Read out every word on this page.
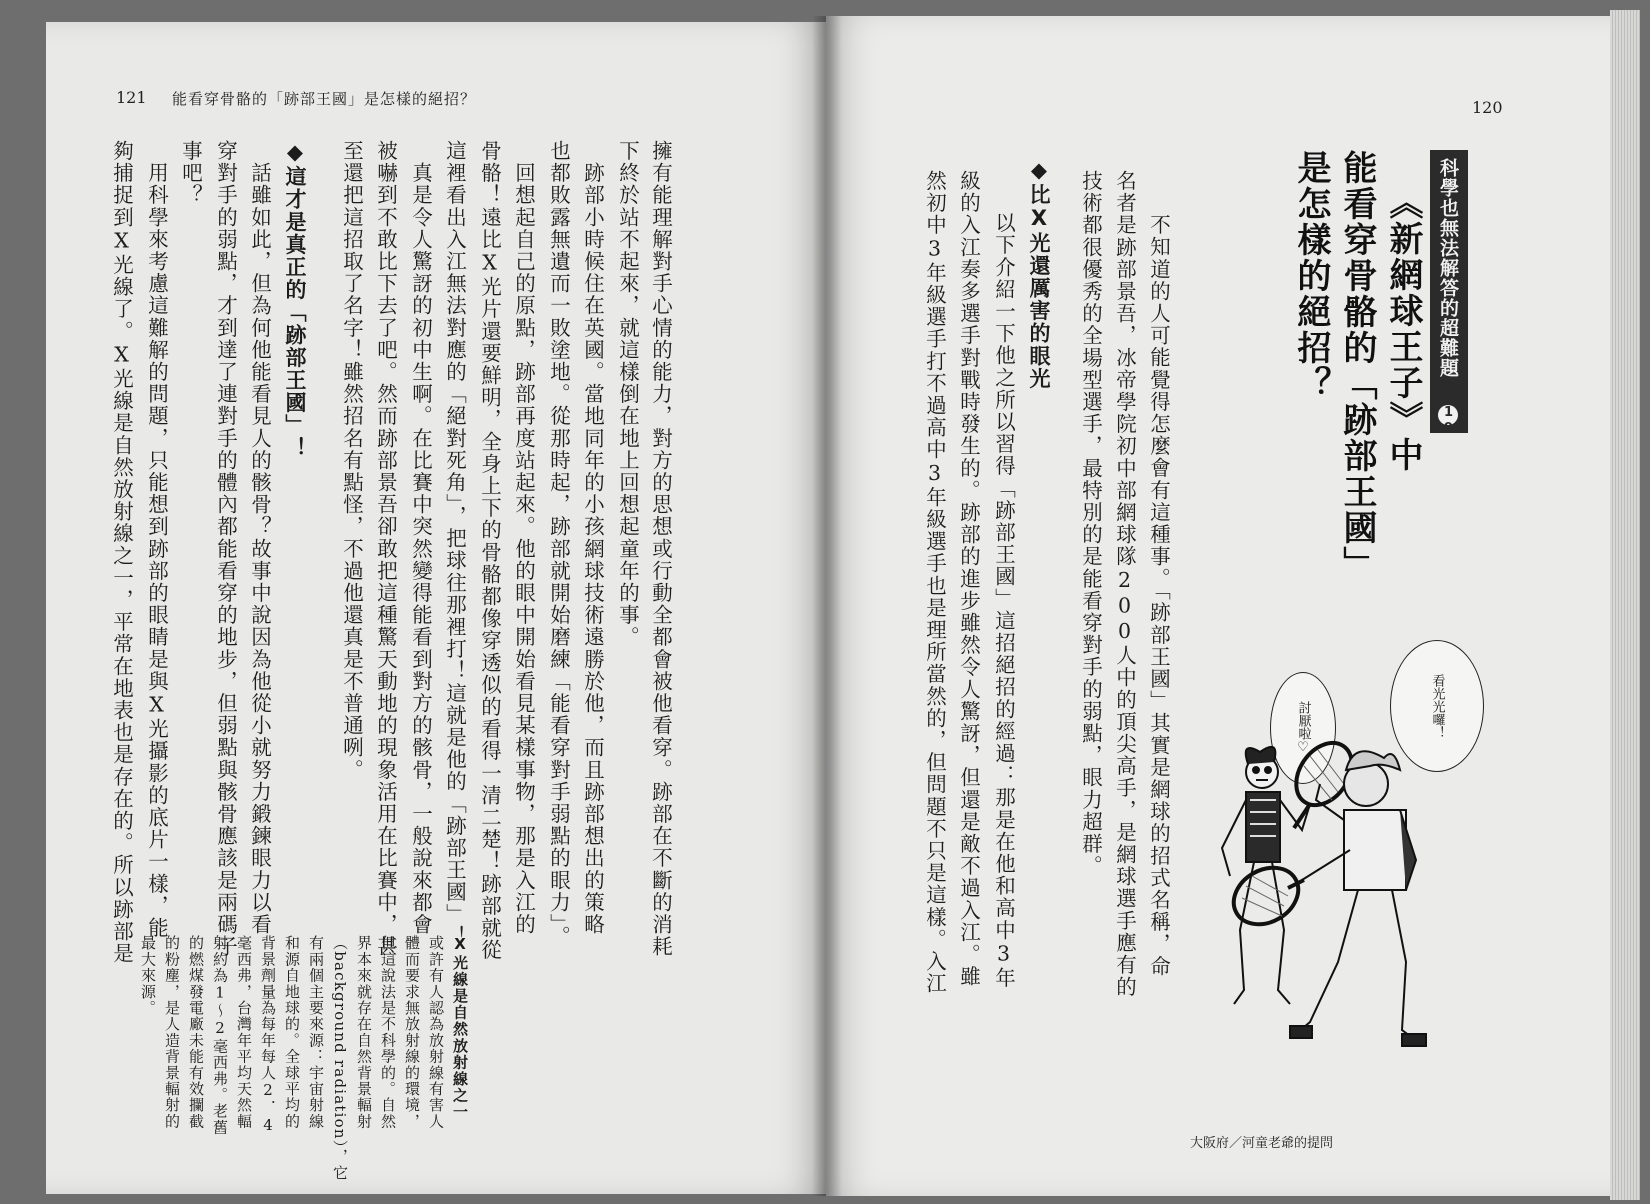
121 能看穿骨骼的「跡部王國」是怎樣的絕招？
擁有能理解對手心情的能力，對方的思想或行動全都會被他看穿。跡部在不斷的消耗
下終於站不起來，就這樣倒在地上回想起童年的事。
　跡部小時候住在英國。當地同年的小孩網球技術遠勝於他，而且跡部想出的策略
也都敗露無遺而一敗塗地。從那時起，跡部就開始磨練「能看穿對手弱點的眼力」。
　回想起自己的原點，跡部再度站起來。他的眼中開始看見某樣事物，那是入江的
骨骼！遠比X光片還要鮮明，全身上下的骨骼都像穿透似的看得一清二楚！跡部就從
這裡看出入江無法對應的「絕對死角」，把球往那裡打！這就是他的「跡部王國」！
　真是令人驚訝的初中生啊。在比賽中突然變得能看到對方的骸骨，一般說來都會
被嚇到不敢比下去了吧。然而跡部景吾卻敢把這種驚天動地的現象活用在比賽中，甚
至還把這招取了名字！雖然招名有點怪，不過他還真是不普通咧。
◆這才是真正的「跡部王國」！
　話雖如此，但為何他能看見人的骸骨？故事中說因為他從小就努力鍛鍊眼力以看
穿對手的弱點，才到達了連對手的體內都能看穿的地步，但弱點與骸骨應該是兩碼子
事吧？
　用科學來考慮這難解的問題，只能想到跡部的眼睛是與X光攝影的底片一樣，能
夠捕捉到X光線了。X光線是自然放射線之一，平常在地表也是存在的。所以跡部是
X光線是自然放射線之一
或許有人認為放射線有害人
體而要求無放射線的環境，
但這說法是不科學的。自然
界本來就存在自然背景輻射
（background radiation），它
有兩個主要來源：宇宙射線
和源自地球的。全球平均的
背景劑量為每年每人2．4
毫西弗，台灣年平均天然輻
射約為1～2毫西弗。老舊
的燃煤發電廠未能有效攔截
的粉塵，是人造背景輻射的
最大來源。
120
科學也無法解答的超難題 19
《新網球王子》中
能看穿骨骼的「跡部王國」
是怎樣的絕招？
　不知道的人可能覺得怎麼會有這種事。「跡部王國」其實是網球的招式名稱，命
名者是跡部景吾，冰帝學院初中部網球隊200人中的頂尖高手，是網球選手應有的
技術都很優秀的全場型選手，最特別的是能看穿對手的弱點，眼力超群。
◆比X光還厲害的眼光
　以下介紹一下他之所以習得「跡部王國」這招絕招的經過：那是在他和高中3年
級的入江奏多選手對戰時發生的。跡部的進步雖然令人驚訝，但還是敵不過入江。雖
然初中3年級選手打不過高中3年級選手也是理所當然的，但問題不只是這樣。入江	看光光囉！
討厭啦♡
大阪府／河童老爺的提問
